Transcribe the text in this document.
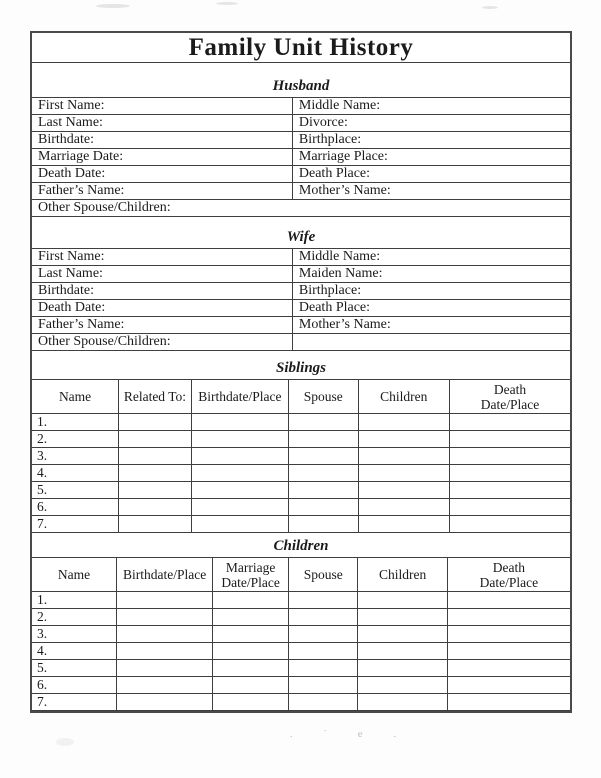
Family Unit History
Husband
First Name:	Middle Name:
Last Name:	Divorce:
Birthdate:	Birthplace:
Marriage Date:	Marriage Place:
Death Date:	Death Place:
Father’s Name:	Mother’s Name:
Other Spouse/Children:	
Wife
First Name:	Middle Name:
Last Name:	Maiden Name:
Birthdate:	Birthplace:
Death Date:	Death Place:
Father’s Name:	Mother’s Name:
Other Spouse/Children:	
Siblings
Name	Related To:	Birthdate/Place	Spouse	Children	Death Date/Place
1.					
2.					
3.					
4.					
5.					
6.					
7.					
Children
Name	Birthdate/Place	Marriage Date/Place	Spouse	Children	Death Date/Place
1.					
2.					
3.					
4.					
5.					
6.					
7.					
. ˙ e .
